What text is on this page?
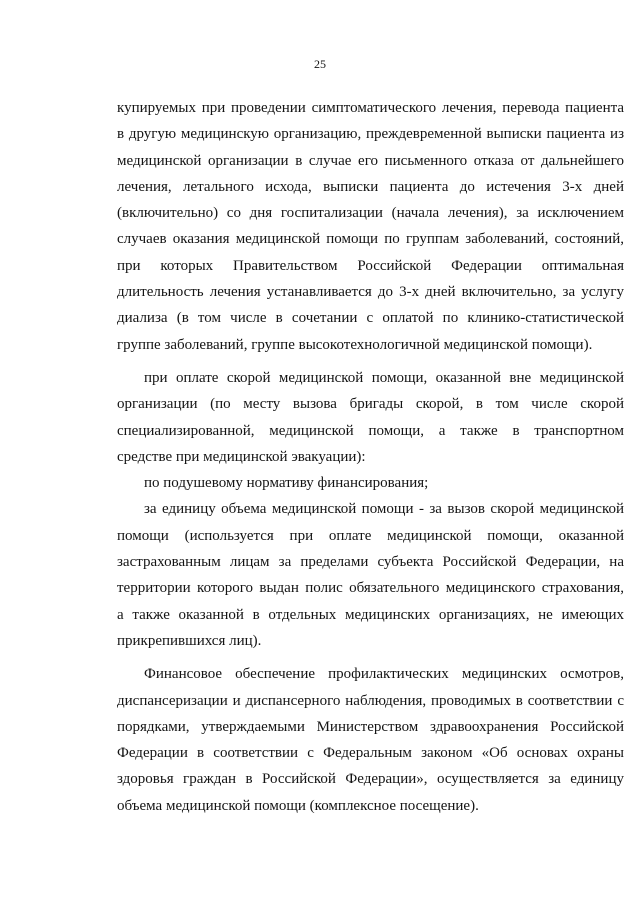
25
купируемых при проведении симптоматического лечения, перевода пациента
в другую медицинскую организацию, преждевременной выписки пациента из
медицинской организации в случае его письменного отказа от дальнейшего
лечения, летального исхода, выписки пациента до истечения 3-х дней
(включительно) со дня госпитализации (начала лечения), за исключением
случаев оказания медицинской помощи по группам заболеваний, состояний,
при которых Правительством Российской Федерации оптимальная
длительность лечения устанавливается до 3-х дней включительно, за услугу
диализа (в том числе в сочетании с оплатой по клинико-статистической
группе заболеваний, группе высокотехнологичной медицинской помощи).
при оплате скорой медицинской помощи, оказанной вне медицинской
организации (по месту вызова бригады скорой, в том числе скорой
специализированной, медицинской помощи, а также в транспортном
средстве при медицинской эвакуации):
по подушевому нормативу финансирования;
за единицу объема медицинской помощи - за вызов скорой медицинской
помощи (используется при оплате медицинской помощи, оказанной
застрахованным лицам за пределами субъекта Российской Федерации, на
территории которого выдан полис обязательного медицинского страхования,
а также оказанной в отдельных медицинских организациях, не имеющих
прикрепившихся лиц).
Финансовое обеспечение профилактических медицинских осмотров,
диспансеризации и диспансерного наблюдения, проводимых в соответствии с
порядками, утверждаемыми Министерством здравоохранения Российской
Федерации в соответствии с Федеральным законом «Об основах охраны
здоровья граждан в Российской Федерации», осуществляется за единицу
объема медицинской помощи (комплексное посещение).
